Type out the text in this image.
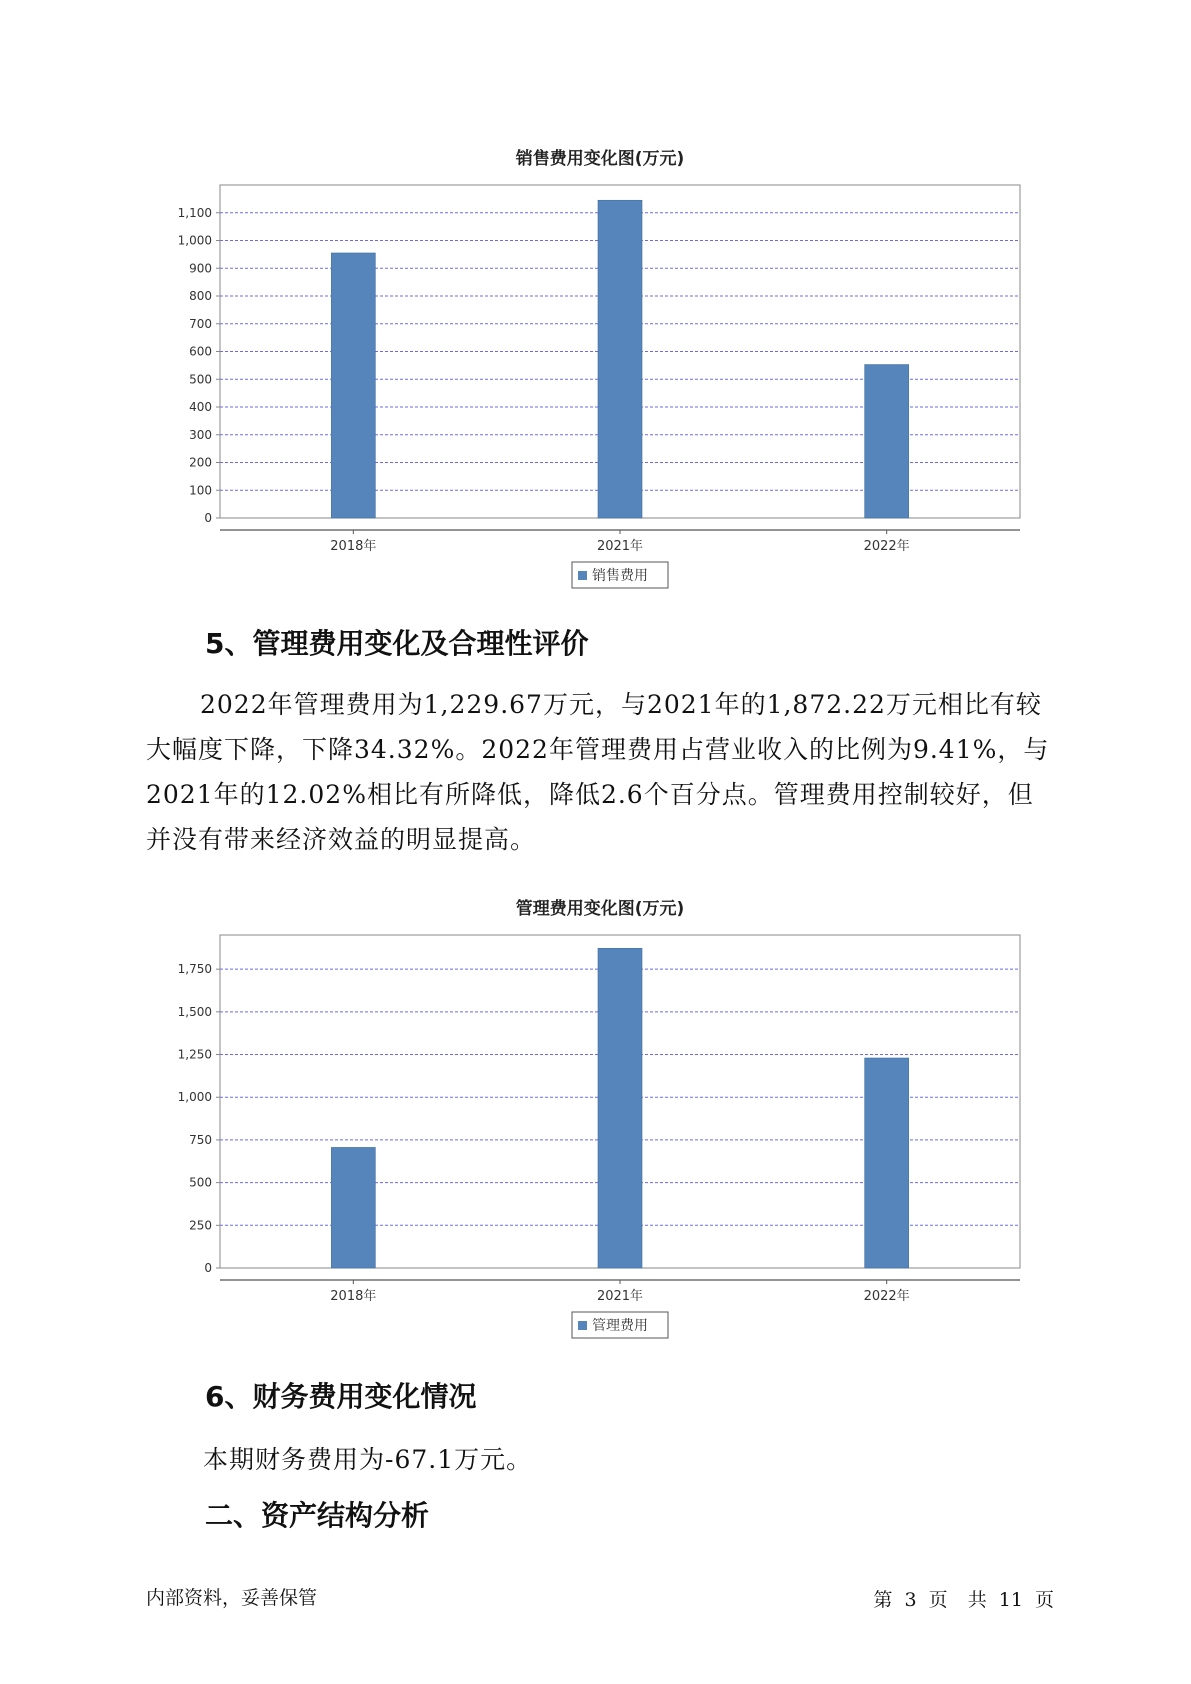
销售费用变化图(万元)
0
100
200
300
400
500
600
700
800
900
1,000
1,100
2018年	2021年	2022年
销售费用
5、管理费用变化及合理性评价

2022年管理费用为1,229.67万元，与2021年的1,872.22万元相比有较大幅度下降，下降34.32%。2022年管理费用占营业收入的比例为9.41%，与2021年的12.02%相比有所降低，降低2.6个百分点。管理费用控制较好，但并没有带来经济效益的明显提高。

管理费用变化图(万元)
0
250
500
750
1,000
1,250
1,500
1,750
2018年	2021年	2022年
管理费用
6、财务费用变化情况

本期财务费用为-67.1万元。

二、资产结构分析
内部资料，妥善保管	第 3 页 共 11 页
